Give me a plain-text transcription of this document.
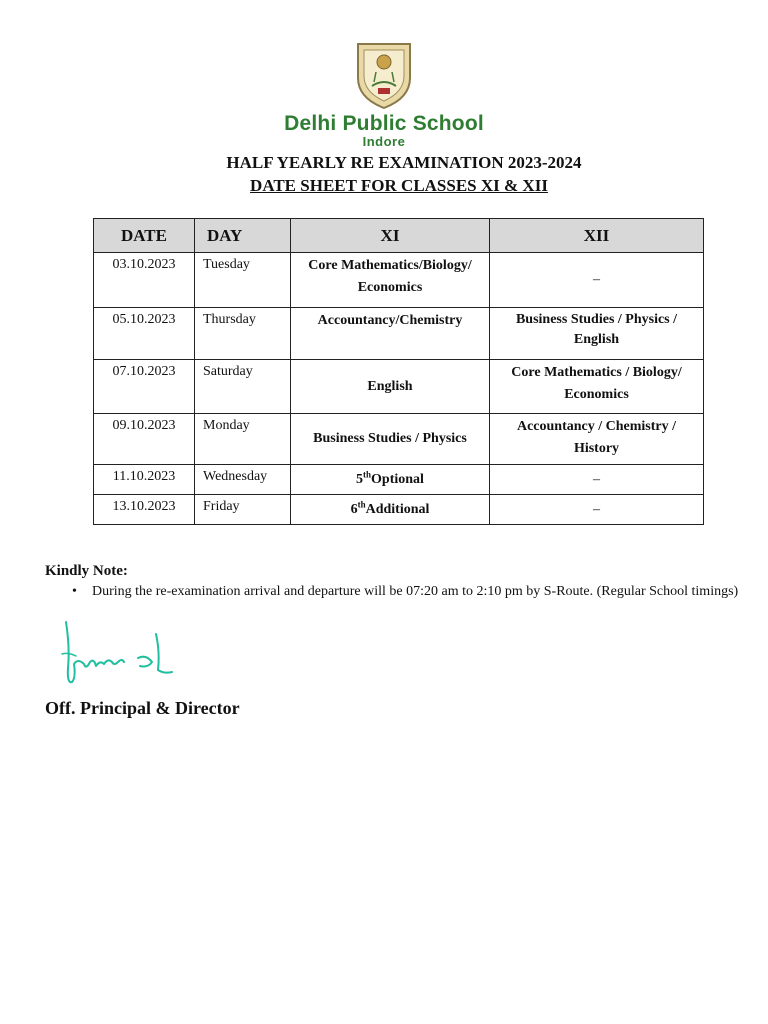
Delhi Public School
Indore
HALF YEARLY RE EXAMINATION 2023-2024
DATE SHEET FOR CLASSES XI & XII
DATE	DAY	XI	XII
03.10.2023	Tuesday	Core Mathematics/Biology/ Economics	–
05.10.2023	Thursday	Accountancy/Chemistry	Business Studies / Physics / English
07.10.2023	Saturday	English	Core Mathematics / Biology/ Economics
09.10.2023	Monday	Business Studies / Physics	Accountancy / Chemistry / History
11.10.2023	Wednesday	5thOptional	–
13.10.2023	Friday	6thAdditional	–
Kindly Note:
• During the re-examination arrival and departure will be 07:20 am to 2:10 pm by S-Route. (Regular School timings)
Off. Principal & Director
